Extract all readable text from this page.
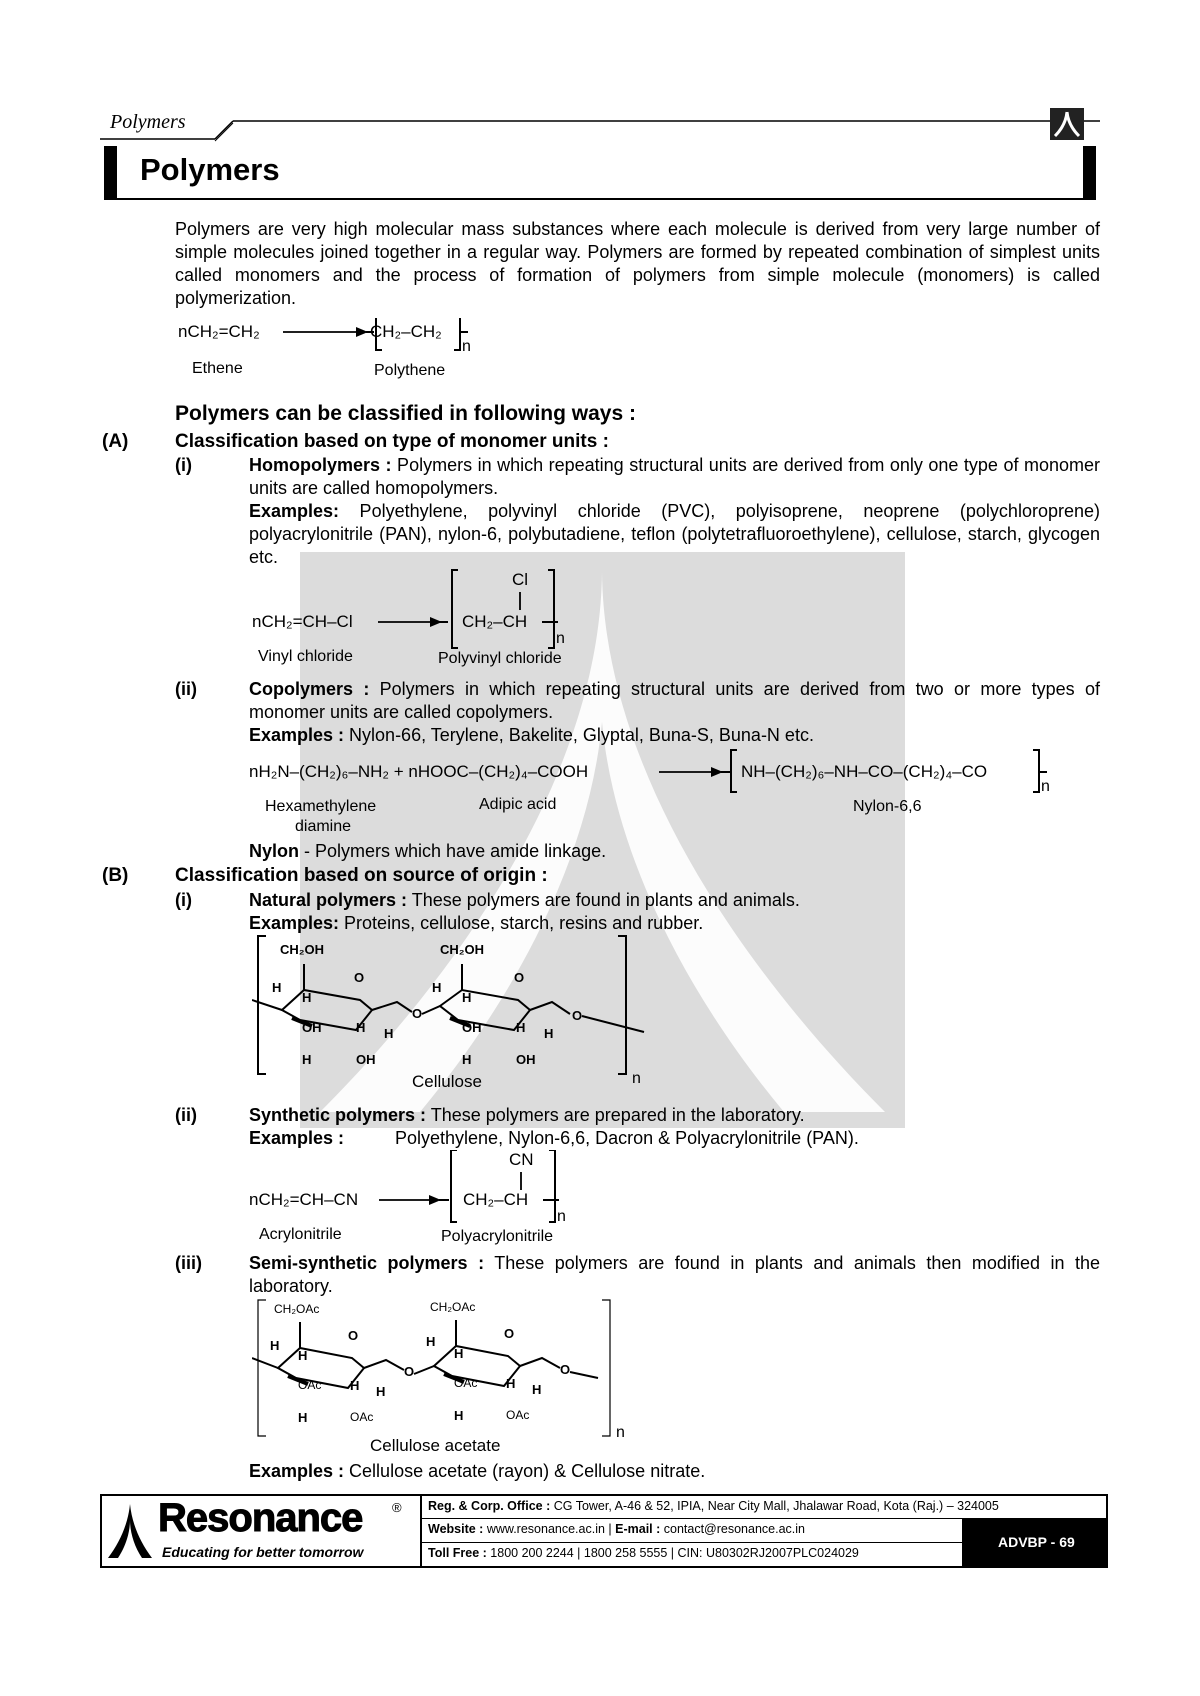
Polymers
Polymers
Polymers are very high molecular mass substances where each molecule is derived from very large number of simple molecules joined together in a regular way. Polymers are formed by repeated combination of simplest units called monomers and the process of formation of polymers from simple molecule (monomers) is called polymerization.
nCH₂=CH₂	CH₂–CH₂
n
Ethene	Polythene
Polymers can be classified in following ways :
(A) Classification based on type of monomer units :
(i)	Homopolymers : Polymers in which repeating structural units are derived from only one type of monomer units are called homopolymers.
Examples: Polyethylene, polyvinyl chloride (PVC), polyisoprene, neoprene (polychloroprene) polyacrylonitrile (PAN), nylon-6, polybutadiene, teflon (polytetrafluoroethylene), cellulose, starch, glycogen etc.
nCH₂=CH–Cl
Cl
CH₂–CH
n
Vinyl chloride	Polyvinyl chloride
(ii)	Copolymers : Polymers in which repeating structural units are derived from two or more types of monomer units are called copolymers.
Examples : Nylon-66, Terylene, Bakelite, Glyptal, Buna-S, Buna-N etc.
nH₂N–(CH₂)₆–NH₂ + nHOOC–(CH₂)₄–COOH	NH–(CH₂)₆–NH–CO–(CH₂)₄–CO
n
Hexamethylene
diamine
Adipic acid	Nylon-6,6
Nylon - Polymers which have amide linkage.
(B) Classification based on source of origin :
(i)	Natural polymers : These polymers are found in plants and animals.
Examples: Proteins, cellulose, starch, resins and rubber.
CH₂OH	CH₂OH
O	O
O	O
H
H
OH	H H
H	OH
H
H
OH	H H
H	OH
Cellulose	n
(ii)	Synthetic polymers : These polymers are prepared in the laboratory.
Examples :	Polyethylene, Nylon-6,6, Dacron & Polyacrylonitrile (PAN).
nCH₂=CH–CN
CN
CH₂–CH
n
Acrylonitrile	Polyacrylonitrile
(iii)	Semi-synthetic polymers : These polymers are found in plants and animals then modified in the laboratory.
CH₂OAc	CH₂OAc
O	O
O	O
H
H
OAc H H
H	OAc
H
H
OAc H H
H	OAc
Cellulose acetate
n
Examples : Cellulose acetate (rayon) & Cellulose nitrate.
Resonance ®
Educating for better tomorrow
Reg. & Corp. Office : CG Tower, A-46 & 52, IPIA, Near City Mall, Jhalawar Road, Kota (Raj.) – 324005
Website : www.resonance.ac.in | E-mail : contact@resonance.ac.in
Toll Free : 1800 200 2244 | 1800 258 5555 | CIN: U80302RJ2007PLC024029
ADVBP - 69
